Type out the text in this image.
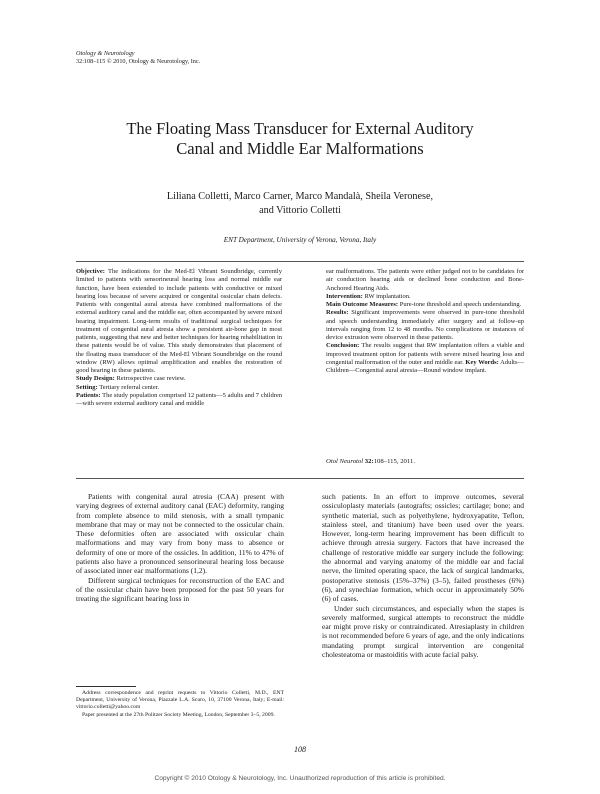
Otology & Neurotology
32:108–115 © 2010, Otology & Neurotology, Inc.
The Floating Mass Transducer for External Auditory
Canal and Middle Ear Malformations
Liliana Colletti, Marco Carner, Marco Mandalà, Sheila Veronese,
and Vittorio Colletti
ENT Department, University of Verona, Verona, Italy

Objective: The indications for the Med-El Vibrant Soundbridge, currently limited to patients with sensorineural hearing loss and normal middle ear function, have been extended to include patients with conductive or mixed hearing loss because of severe acquired or congenital ossicular chain defects. Patients with congenital aural atresia have combined malformations of the external auditory canal and the middle ear, often accompanied by severe mixed hearing impairment. Long-term results of traditional surgical techniques for treatment of congenital aural atresia show a persistent air-bone gap in most patients, suggesting that new and better techniques for hearing rehabilitation in these patients would be of value. This study demonstrates that placement of the floating mass transducer of the Med-El Vibrant Soundbridge on the round window (RW) allows optimal amplification and enables the restoration of good hearing in these patients.

Study Design: Retrospective case review.

Setting: Tertiary referral center.

Patients: The study population comprised 12 patients—5 adults and 7 children—with severe external auditory canal and middle

ear malformations. The patients were either judged not to be candidates for air conduction hearing aids or declined bone conduction and Bone-Anchored Hearing Aids.

Intervention: RW implantation.

Main Outcome Measures: Pure-tone threshold and speech understanding.

Results: Significant improvements were observed in pure-tone threshold and speech understanding immediately after surgery and at follow-up intervals ranging from 12 to 48 months. No complications or instances of device extrusion were observed in these patients.

Conclusion: The results suggest that RW implantation offers a viable and improved treatment option for patients with severe mixed hearing loss and congenital malformation of the outer and middle ear. Key Words: Adults—Children—Congenital aural atresia—Round window implant.

Otol Neurotol 32:108–115, 2011.

Patients with congenital aural atresia (CAA) present with varying degrees of external auditory canal (EAC) deformity, ranging from complete absence to mild stenosis, with a small tympanic membrane that may or may not be connected to the ossicular chain. These deformities often are associated with ossicular chain malformations and may vary from bony mass to absence or deformity of one or more of the ossicles. In addition, 11% to 47% of patients also have a pronounced sensorineural hearing loss because of associated inner ear malformations (1,2).

Different surgical techniques for reconstruction of the EAC and of the ossicular chain have been proposed for the past 50 years for treating the significant hearing loss in

such patients. In an effort to improve outcomes, several ossiculoplasty materials (autografts; ossicles; cartilage; bone; and synthetic material, such as polyethylene, hydroxyapatite, Teflon, stainless steel, and titanium) have been used over the years. However, long-term hearing improvement has been difficult to achieve through atresia surgery. Factors that have increased the challenge of restorative middle ear surgery include the following: the abnormal and varying anatomy of the middle ear and facial nerve, the limited operating space, the lack of surgical landmarks, postoperative stenosis (15%–37%) (3–5), failed prostheses (6%) (6), and synechiae formation, which occur in approximately 50% (6) of cases.

Under such circumstances, and especially when the stapes is severely malformed, surgical attempts to reconstruct the middle ear might prove risky or contraindicated. Atresiaplasty in children is not recommended before 6 years of age, and the only indications mandating prompt surgical intervention are congenital cholesteatoma or mastoiditis with acute facial palsy.

Address correspondence and reprint requests to Vittorio Colletti, M.D., ENT Department, University of Verona, Piazzale L.A. Scuro, 10, 37100 Verona, Italy; E-mail: vittorio.colletti@yahoo.com

Paper presented at the 27th Politzer Society Meeting, London, September 3–5, 2009.

108
Copyright © 2010 Otology & Neurotology, Inc. Unauthorized reproduction of this article is prohibited.
